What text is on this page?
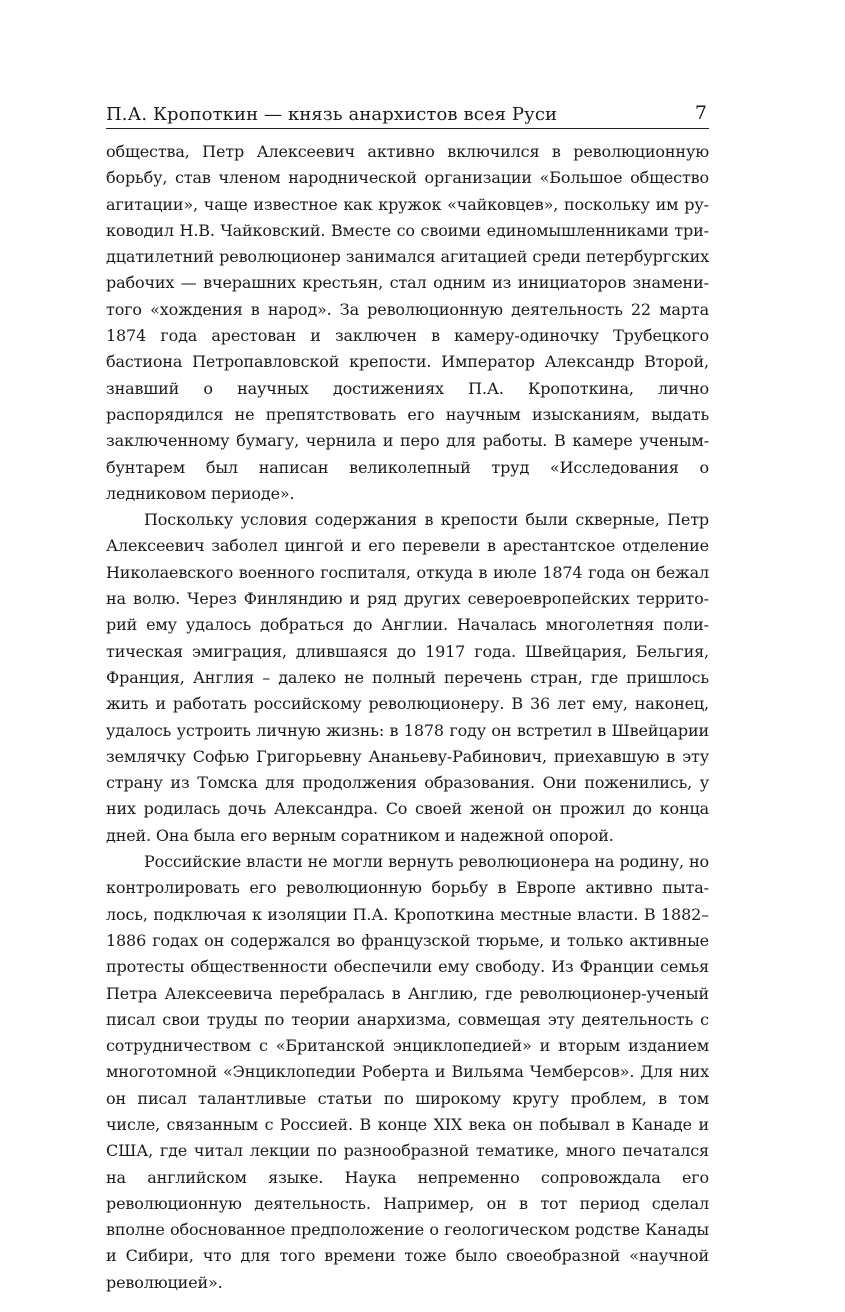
П.А. Кропоткин — князь анархистов всея Руси	7

общества, Петр Алексеевич активно включился в революционную борьбу, став членом народнической организации «Большое общество агитации», чаще известное как кружок «чайковцев», поскольку им руководил Н.В. Чайковский. Вместе со своими единомышленниками тридцатилетний революционер занимался агитацией среди петербургских рабочих — вчерашних крестьян, стал одним из инициаторов знаменитого «хождения в народ». За революционную деятельность 22 марта 1874 года арестован и заключен в камеру-одиночку Трубецкого бастиона Петропавловской крепости. Император Александр Второй, знавший о научных достижениях П.А. Кропоткина, лично распорядился не препятствовать его научным изысканиям, выдать заключенному бумагу, чернила и перо для работы. В камере ученым-бунтарем был написан великолепный труд «Исследования о ледниковом периоде».

Поскольку условия содержания в крепости были скверные, Петр Алексеевич заболел цингой и его перевели в арестантское отделение Николаевского военного госпиталя, откуда в июле 1874 года он бежал на волю. Через Финляндию и ряд других североевропейских территорий ему удалось добраться до Англии. Началась многолетняя политическая эмиграция, длившаяся до 1917 года. Швейцария, Бельгия, Франция, Англия – далеко не полный перечень стран, где пришлось жить и работать российскому революционеру. В 36 лет ему, наконец, удалось устроить личную жизнь: в 1878 году он встретил в Швейцарии землячку Софью Григорьевну Ананьеву-Рабинович, приехавшую в эту страну из Томска для продолжения образования. Они поженились, у них родилась дочь Александра. Со своей женой он прожил до конца дней. Она была его верным соратником и надежной опорой.

Российские власти не могли вернуть революционера на родину, но контролировать его революционную борьбу в Европе активно пыталось, подключая к изоляции П.А. Кропоткина местные власти. В 1882–1886 годах он содержался во французской тюрьме, и только активные протесты общественности обеспечили ему свободу. Из Франции семья Петра Алексеевича перебралась в Англию, где революционер-ученый писал свои труды по теории анархизма, совмещая эту деятельность с сотрудничеством с «Британской энциклопедией» и вторым изданием многотомной «Энциклопедии Роберта и Вильяма Чемберсов». Для них он писал талантливые статьи по широкому кругу проблем, в том числе, связанным с Россией. В конце XIX века он побывал в Канаде и США, где читал лекции по разнообразной тематике, много печатался на английском языке. Наука непременно сопровождала его революционную деятельность. Например, он в тот период сделал вполне обоснованное предположение о геологическом родстве Канады и Сибири, что для того времени тоже было своеобразной «научной революцией».
